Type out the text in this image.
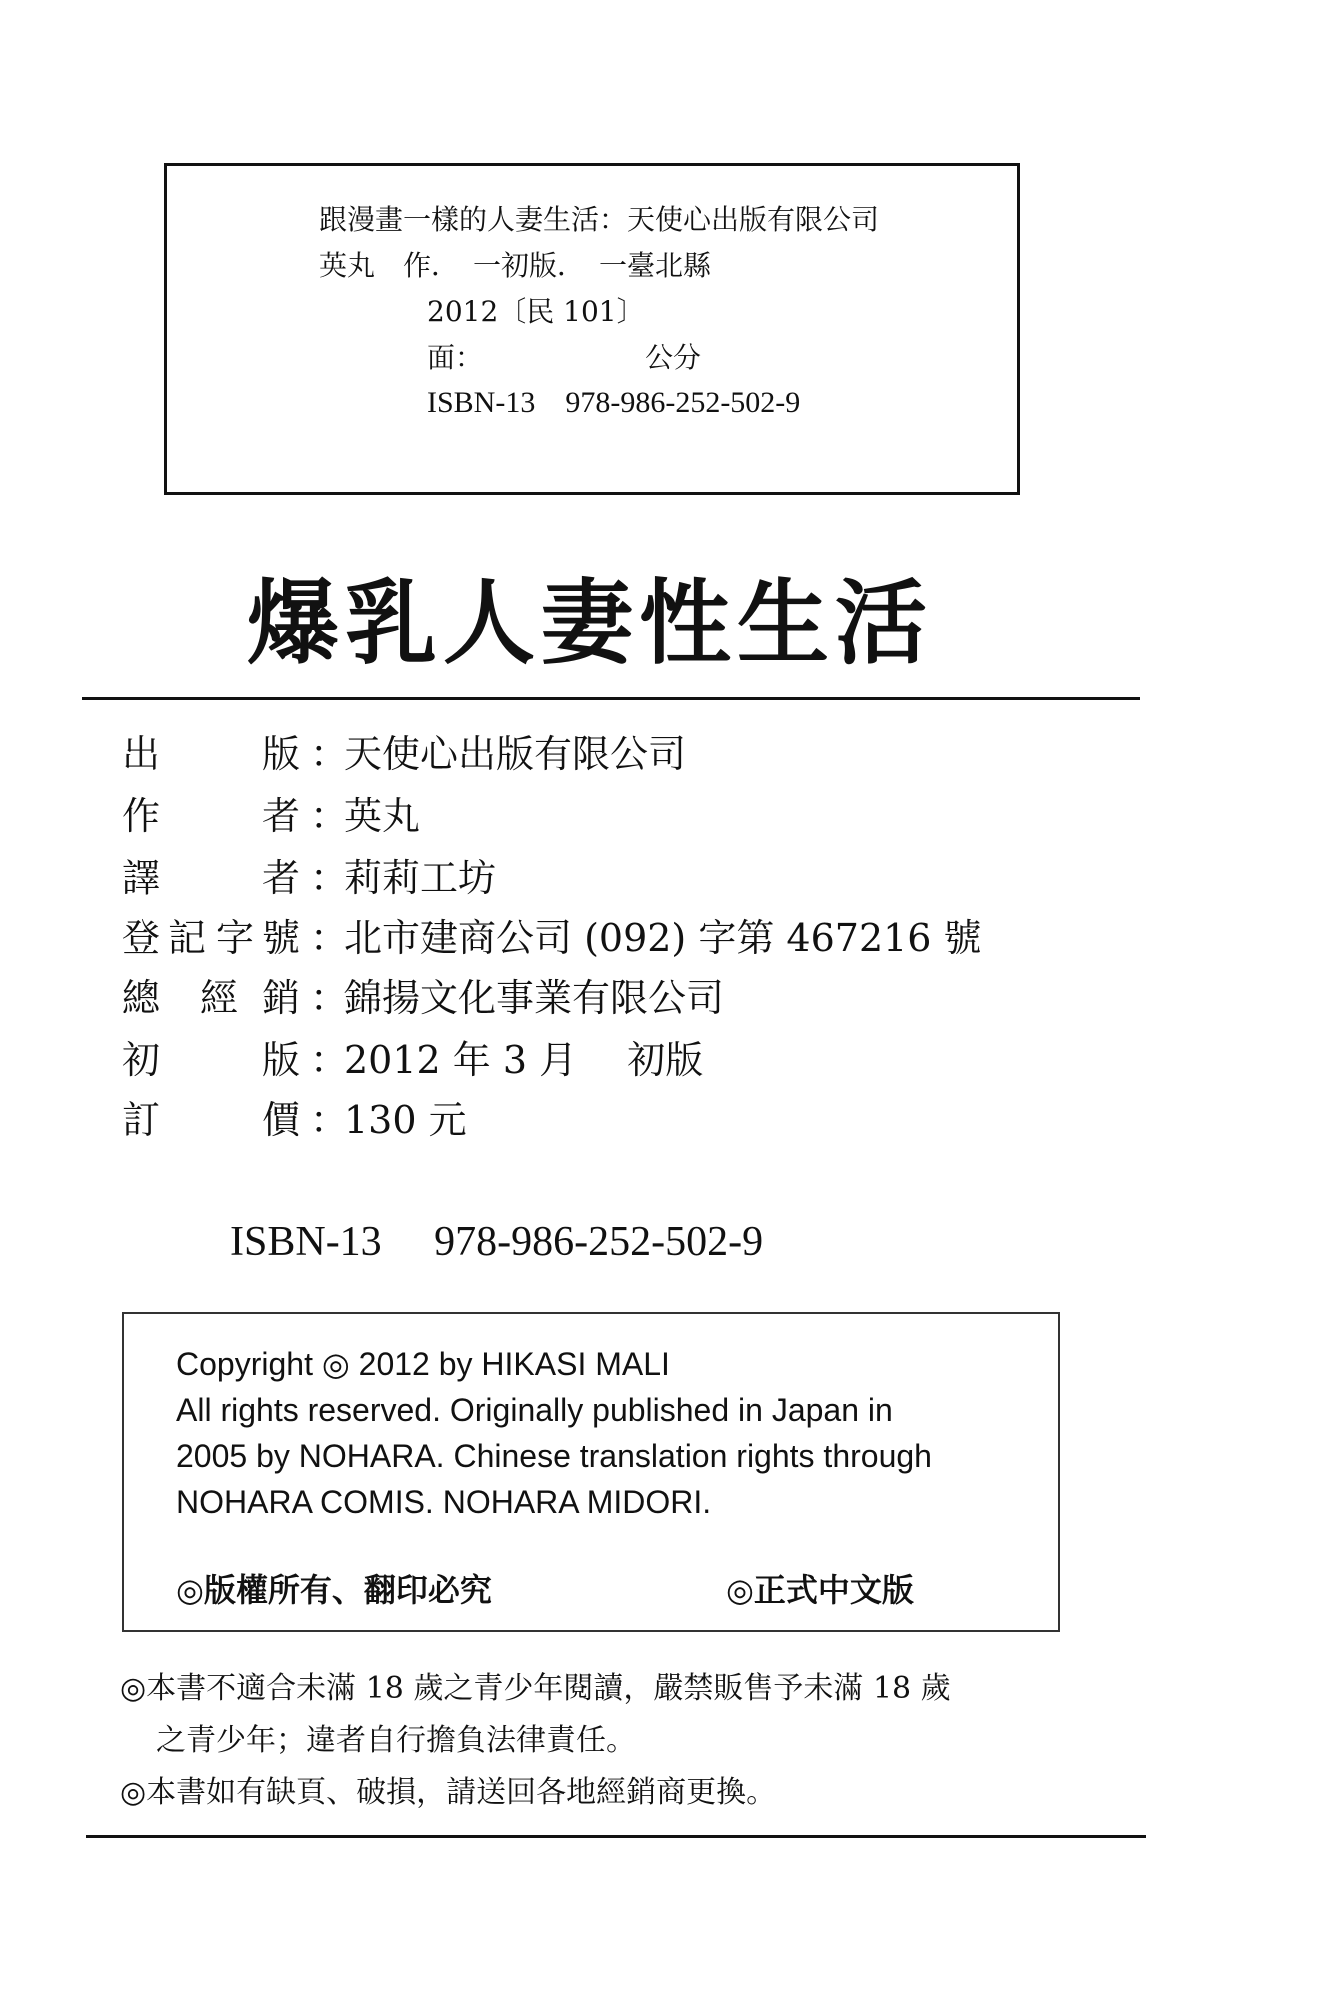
跟漫畫一樣的人妻生活：天使心出版有限公司
英丸　作．　一初版．　一臺北縣
2012〔民 101〕
面：	公分
ISBN-13　978-986-252-502-9
爆乳人妻性生活
出	版 ：
天使心出版有限公司
作	者 ：
英丸
譯	者 ：
莉莉工坊
登 記 字 號 ：
北市建商公司 (092) 字第 467216 號
總 經 銷 ：
錦揚文化事業有限公司
初	版 ：
2012 年 3 月　 初版
訂	價 ：
130 元
ISBN-13　 978-986-252-502-9
Copyright ◎ 2012 by HIKASI MALI
All rights reserved. Originally published in Japan in
2005 by NOHARA. Chinese translation rights through
NOHARA COMIS. NOHARA MIDORI.
◎版權所有、翻印必究	◎正式中文版
◎本書不適合未滿 18 歲之青少年閱讀，嚴禁販售予未滿 18 歲
之青少年；違者自行擔負法律責任。
◎本書如有缺頁、破損，請送回各地經銷商更換。
